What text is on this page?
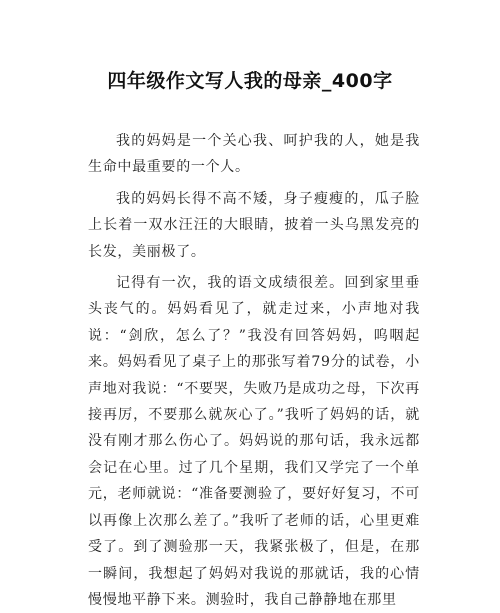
四年级作文写人我的母亲_400字

我的妈妈是一个关心我、呵护我的人，她是我生命中最重要的一个人。

我的妈妈长得不高不矮，身子瘦瘦的，瓜子脸上长着一双水汪汪的大眼睛，披着一头乌黑发亮的长发，美丽极了。

记得有一次，我的语文成绩很差。回到家里垂头丧气的。妈妈看见了，就走过来，小声地对我说：“剑欣，怎么了？”我没有回答妈妈，呜咽起来。妈妈看见了桌子上的那张写着79分的试卷，小声地对我说：“不要哭，失败乃是成功之母，下次再接再厉，不要那么就灰心了。”我听了妈妈的话，就没有刚才那么伤心了。妈妈说的那句话，我永远都会记在心里。过了几个星期，我们又学完了一个单元，老师就说：“准备要测验了，要好好复习，不可以再像上次那么差了。”我听了老师的话，心里更难受了。到了测验那一天，我紧张极了，但是，在那一瞬间，我想起了妈妈对我说的那就话，我的心情慢慢地平静下来。测验时，我自己静静地在那里
